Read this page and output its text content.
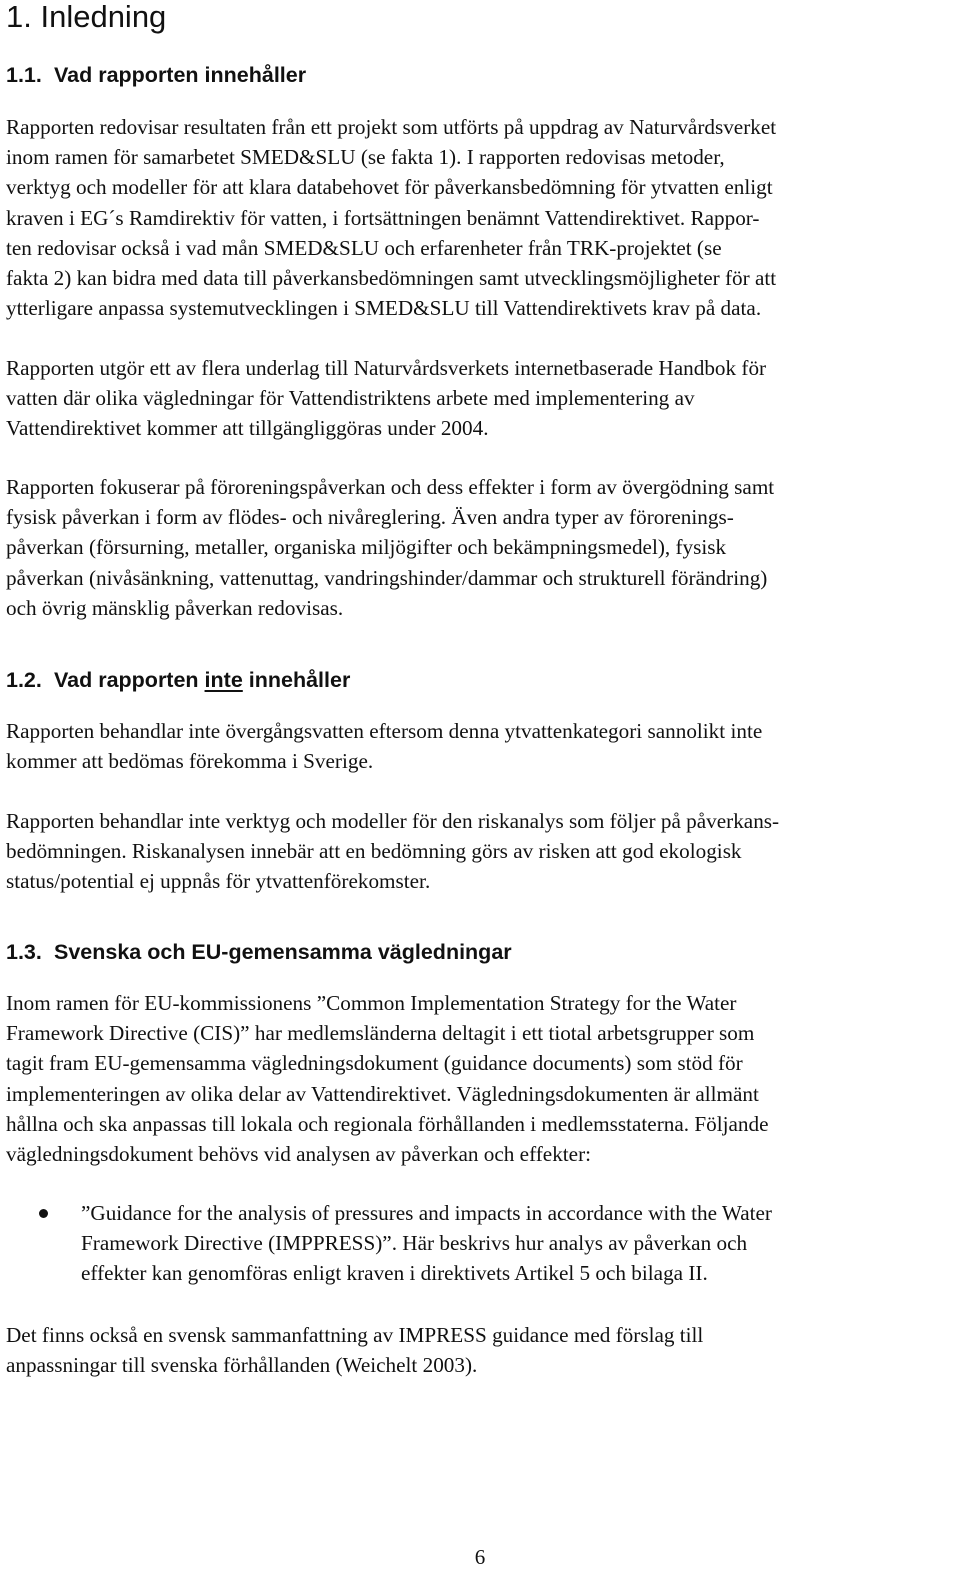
1. Inledning
1.1. Vad rapporten innehåller

Rapporten redovisar resultaten från ett projekt som utförts på uppdrag av Naturvårdsverket
inom ramen för samarbetet SMED&SLU (se fakta 1). I rapporten redovisas metoder,
verktyg och modeller för att klara databehovet för påverkansbedömning för ytvatten enligt
kraven i EG´s Ramdirektiv för vatten, i fortsättningen benämnt Vattendirektivet. Rappor-
ten redovisar också i vad mån SMED&SLU och erfarenheter från TRK-projektet (se
fakta 2) kan bidra med data till påverkansbedömningen samt utvecklingsmöjligheter för att
ytterligare anpassa systemutvecklingen i SMED&SLU till Vattendirektivets krav på data.

Rapporten utgör ett av flera underlag till Naturvårdsverkets internetbaserade Handbok för
vatten där olika vägledningar för Vattendistriktens arbete med implementering av
Vattendirektivet kommer att tillgängliggöras under 2004.

Rapporten fokuserar på föroreningspåverkan och dess effekter i form av övergödning samt
fysisk påverkan i form av flödes- och nivåreglering. Även andra typer av förorenings-
påverkan (försurning, metaller, organiska miljögifter och bekämpningsmedel), fysisk
påverkan (nivåsänkning, vattenuttag, vandringshinder/dammar och strukturell förändring)
och övrig mänsklig påverkan redovisas.

1.2. Vad rapporten inte innehåller

Rapporten behandlar inte övergångsvatten eftersom denna ytvattenkategori sannolikt inte
kommer att bedömas förekomma i Sverige.

Rapporten behandlar inte verktyg och modeller för den riskanalys som följer på påverkans-
bedömningen. Riskanalysen innebär att en bedömning görs av risken att god ekologisk
status/potential ej uppnås för ytvattenförekomster.

1.3. Svenska och EU-gemensamma vägledningar

Inom ramen för EU-kommissionens ”Common Implementation Strategy for the Water
Framework Directive (CIS)” har medlemsländerna deltagit i ett tiotal arbetsgrupper som
tagit fram EU-gemensamma vägledningsdokument (guidance documents) som stöd för
implementeringen av olika delar av Vattendirektivet. Vägledningsdokumenten är allmänt
hållna och ska anpassas till lokala och regionala förhållanden i medlemsstaterna. Följande
vägledningsdokument behövs vid analysen av påverkan och effekter:

”Guidance for the analysis of pressures and impacts in accordance with the Water
Framework Directive (IMPPRESS)”. Här beskrivs hur analys av påverkan och
effekter kan genomföras enligt kraven i direktivets Artikel 5 och bilaga II.

Det finns också en svensk sammanfattning av IMPRESS guidance med förslag till
anpassningar till svenska förhållanden (Weichelt 2003).

6
